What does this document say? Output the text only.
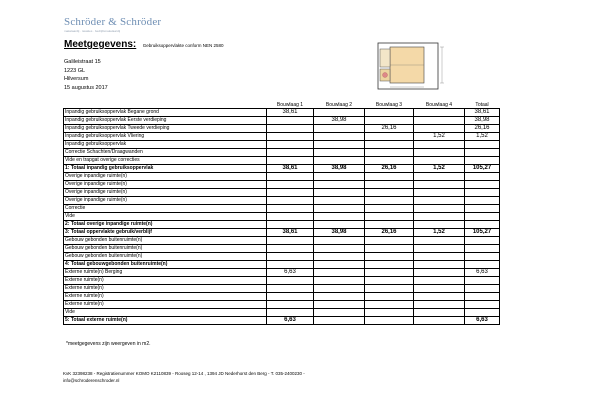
Schröder & Schröder
makelaardij · taxaties · bedrijfsmakelaardij
Meetgegevens: Gebruiksoppervlakte conform NEN 2580
Galileistraat 15
1223 GL
Hilversum
15 augustus 2017
	Bouwlaag 1	Bouwlaag 2	Bouwlaag 3	Bouwlaag 4	Totaal
Inpandig gebruiksoppervlak Begane grond	38,61				38,61
Inpandig gebruiksoppervlak Eerste verdieping		38,98			38,98
Inpandig gebruiksoppervlak Tweede verdieping			26,16		26,16
Inpandig gebruiksoppervlak Vliering				1,52	1,52
Inpandig gebruiksoppervlak					
Correctie Schachten/Draagwanden					
Vide en trapgat overige correcties					
1: Totaal inpandig gebruiksoppervlak	38,61	38,98	26,16	1,52	105,27
Overige inpandige ruimte(n)					
Overige inpandige ruimte(n)					
Overige inpandige ruimte(n)					
Overige inpandige ruimte(n)					
Correctie					
Vide					
2: Totaal overige inpandige ruimte(n)					
3: Totaal oppervlakte gebruik/verblijf	38,61	38,98	26,16	1,52	105,27
Gebouw gebonden buitenruimte(n)					
Gebouw gebonden buitenruimte(n)					
Gebouw gebonden buitenruimte(n)					
4: Totaal gebouwgebonden buitenruimte(n)					
Externe ruimte(n) Berging	6,63				6,63
Externe ruimte(n)					
Externe ruimte(n)					
Externe ruimte(n)					
Externe ruimte(n)					
Vide					
5: Totaal externe ruimte(n)	6,63				6,63
*meetgegevens zijn weergeven in m2.
KvK 32398238 - Registratienummer KOMO K2110839 - Rooseg 12-14 , 1394 JD Nederhorst den Berg - T. 035-2400230 -
info@schroderenschroder.nl
